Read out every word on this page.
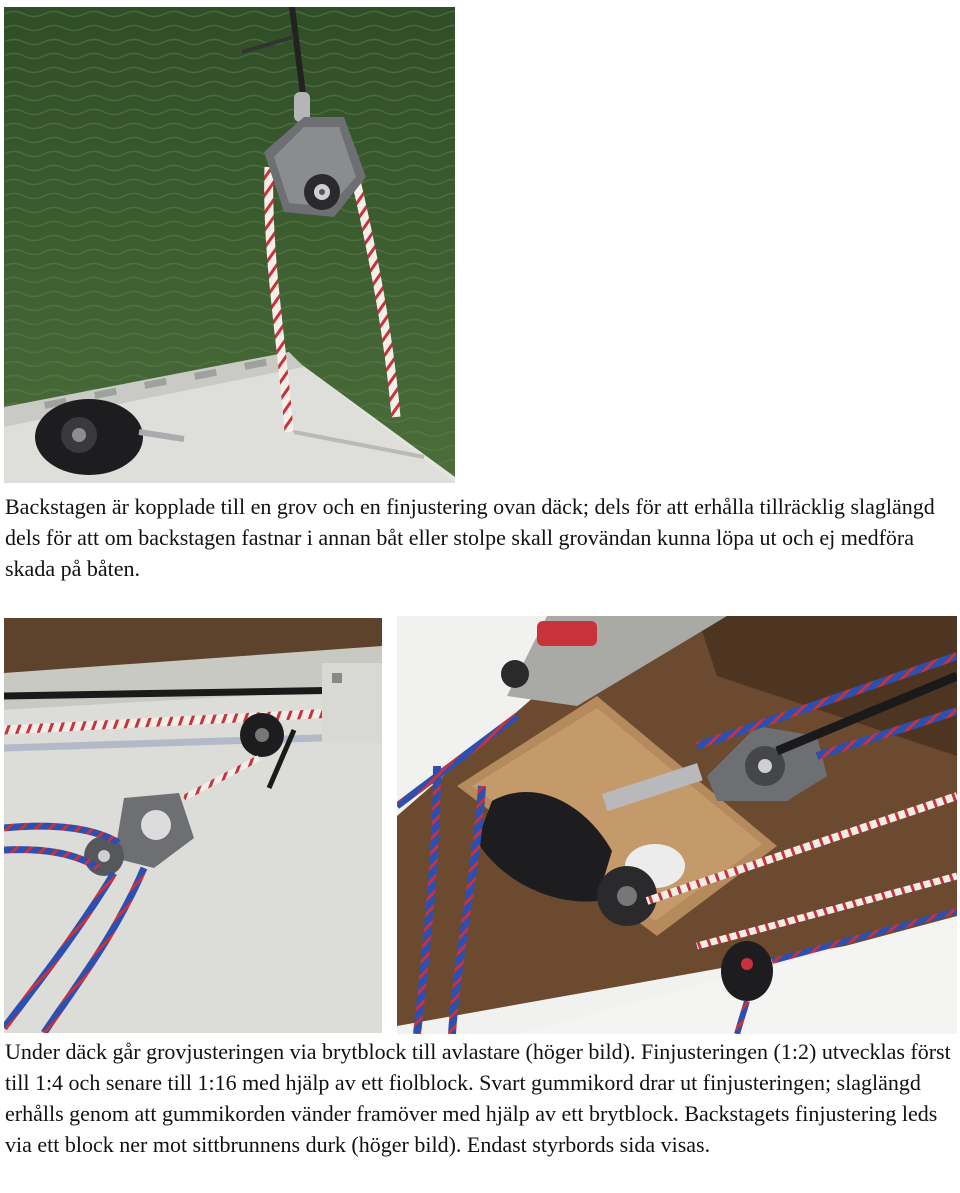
Backstagen är kopplade till en grov och en finjustering ovan däck; dels för att erhålla tillräcklig slaglängd dels för att om backstagen fastnar i annan båt eller stolpe skall grovändan kunna löpa ut och ej medföra skada på båten.

Under däck går grovjusteringen via brytblock till avlastare (höger bild). Finjusteringen (1:2) utvecklas först till 1:4 och senare till 1:16 med hjälp av ett fiolblock. Svart gummikord drar ut finjusteringen; slaglängd erhålls genom att gummikorden vänder framöver med hjälp av ett brytblock. Backstagets finjustering leds via ett block ner mot sittbrunnens durk (höger bild). Endast styrbords sida visas.
